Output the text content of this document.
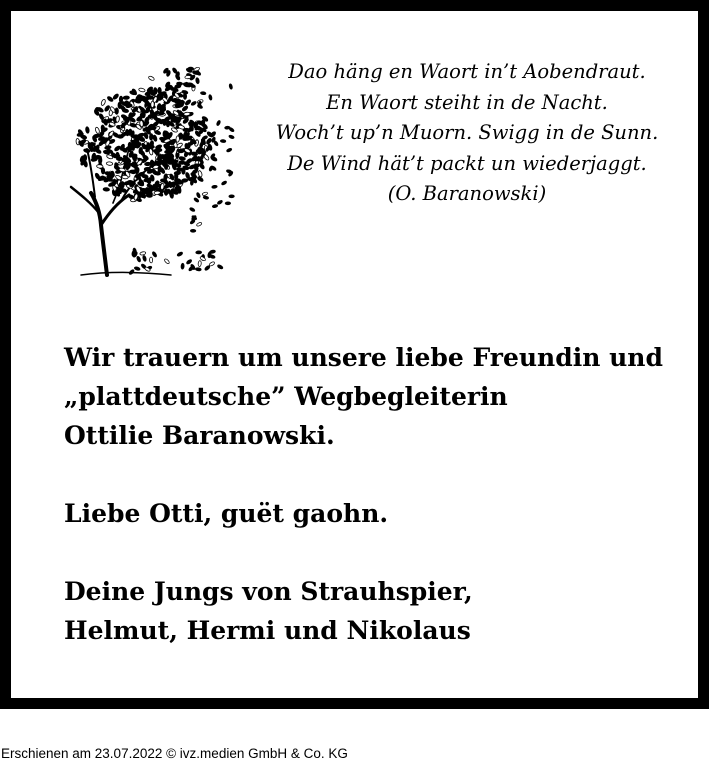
Dao häng en Waort in’t Aobendraut.
En Waort steiht in de Nacht.
Woch’t up’n Muorn. Swigg in de Sunn.
De Wind hät’t packt un wiederjaggt.
(O. Baranowski)
Wir trauern um unsere liebe Freundin und
„plattdeutsche” Wegbegleiterin
Ottilie Baranowski.
Liebe Otti, guët gaohn.
Deine Jungs von Strauhspier,
Helmut, Hermi und Nikolaus
Erschienen am 23.07.2022 © ivz.medien GmbH & Co. KG
